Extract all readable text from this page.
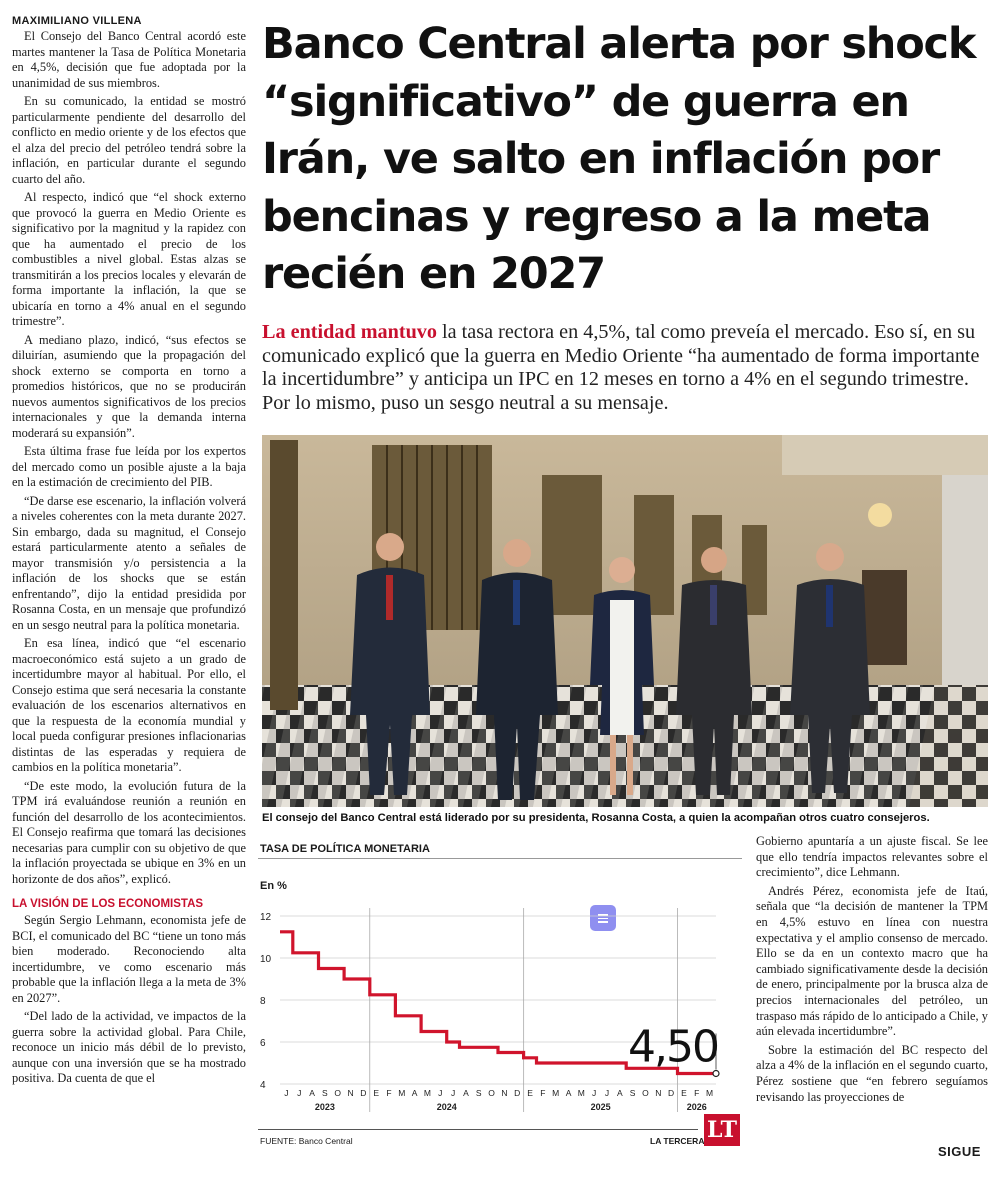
MAXIMILIANO VILLENA

El Consejo del Banco Central acordó este martes mantener la Tasa de Política Monetaria en 4,5%, decisión que fue adoptada por la unanimidad de sus miembros.

En su comunicado, la entidad se mostró particularmente pendiente del desarrollo del conflicto en medio oriente y de los efectos que el alza del precio del petróleo tendrá sobre la inflación, en particular durante el segundo cuarto del año.

Al respecto, indicó que “el shock externo que provocó la guerra en Medio Oriente es significativo por la magnitud y la rapidez con que ha aumentado el precio de los combustibles a nivel global. Estas alzas se transmitirán a los precios locales y elevarán de forma importante la inflación, la que se ubicaría en torno a 4% anual en el segundo trimestre”.

A mediano plazo, indicó, “sus efectos se diluirían, asumiendo que la propagación del shock externo se comporta en torno a promedios históricos, que no se producirán nuevos aumentos significativos de los precios internacionales y que la demanda interna moderará su expansión”.

Esta última frase fue leída por los expertos del mercado como un posible ajuste a la baja en la estimación de crecimiento del PIB.

“De darse ese escenario, la inflación volverá a niveles coherentes con la meta durante 2027. Sin embargo, dada su magnitud, el Consejo estará particularmente atento a señales de mayor transmisión y/o persistencia a la inflación de los shocks que se están enfrentando”, dijo la entidad presidida por Rosanna Costa, en un mensaje que profundizó en un sesgo neutral para la política monetaria.

En esa línea, indicó que “el escenario macroeconómico está sujeto a un grado de incertidumbre mayor al habitual. Por ello, el Consejo estima que será necesaria la constante evaluación de los escenarios alternativos en que la respuesta de la economía mundial y local pueda configurar presiones inflacionarias distintas de las esperadas y requiera de cambios en la política monetaria”.

“De este modo, la evolución futura de la TPM irá evaluándose reunión a reunión en función del desarrollo de los acontecimientos. El Consejo reafirma que tomará las decisiones necesarias para cumplir con su objetivo de que la inflación proyectada se ubique en 3% en un horizonte de dos años”, explicó.

LA VISIÓN DE LOS ECONOMISTAS

Según Sergio Lehmann, economista jefe de BCI, el comunicado del BC “tiene un tono más bien moderado. Reconociendo alta incertidumbre, ve como escenario más probable que la inflación llega a la meta de 3% en 2027”.

“Del lado de la actividad, ve impactos de la guerra sobre la actividad global. Para Chile, reconoce un inicio más débil de lo previsto, aunque con una inversión que se ha mostrado positiva. Da cuenta de que el

Banco Central alerta por shock “significativo” de guerra en Irán, ve salto en inflación por bencinas y regreso a la meta recién en 2027
La entidad mantuvo la tasa rectora en 4,5%, tal como preveía el mercado. Eso sí, en su comunicado explicó que la guerra en Medio Oriente “ha aumentado de forma importante la incertidumbre” y anticipa un IPC en 12 meses en torno a 4% en el segundo trimestre. Por lo mismo, puso un sesgo neutral a su mensaje.
El consejo del Banco Central está liderado por su presidenta, Rosanna Costa, a quien la acompañan otros cuatro consejeros.
TASA DE POLÍTICA MONETARIA
En %
12
10
8
6
4
2023	2024	2025	2026
J J A S O N D E F M A M J J A S O N D E F M A M J J A S O N D E F M
4,50
FUENTE: Banco Central	LA TERCERA LT

Gobierno apuntaría a un ajuste fiscal. Se lee que ello tendría impactos relevantes sobre el crecimiento”, dice Lehmann.

Andrés Pérez, economista jefe de Itaú, señala que “la decisión de mantener la TPM en 4,5% estuvo en línea con nuestra expectativa y el amplio consenso de mercado. Ello se da en un contexto macro que ha cambiado significativamente desde la decisión de enero, principalmente por la brusca alza de precios internacionales del petróleo, un traspaso más rápido de lo anticipado a Chile, y aún elevada incertidumbre”.

Sobre la estimación del BC respecto del alza a 4% de la inflación en el segundo cuarto, Pérez sostiene que “en febrero seguíamos revisando las proyecciones de

SIGUE
